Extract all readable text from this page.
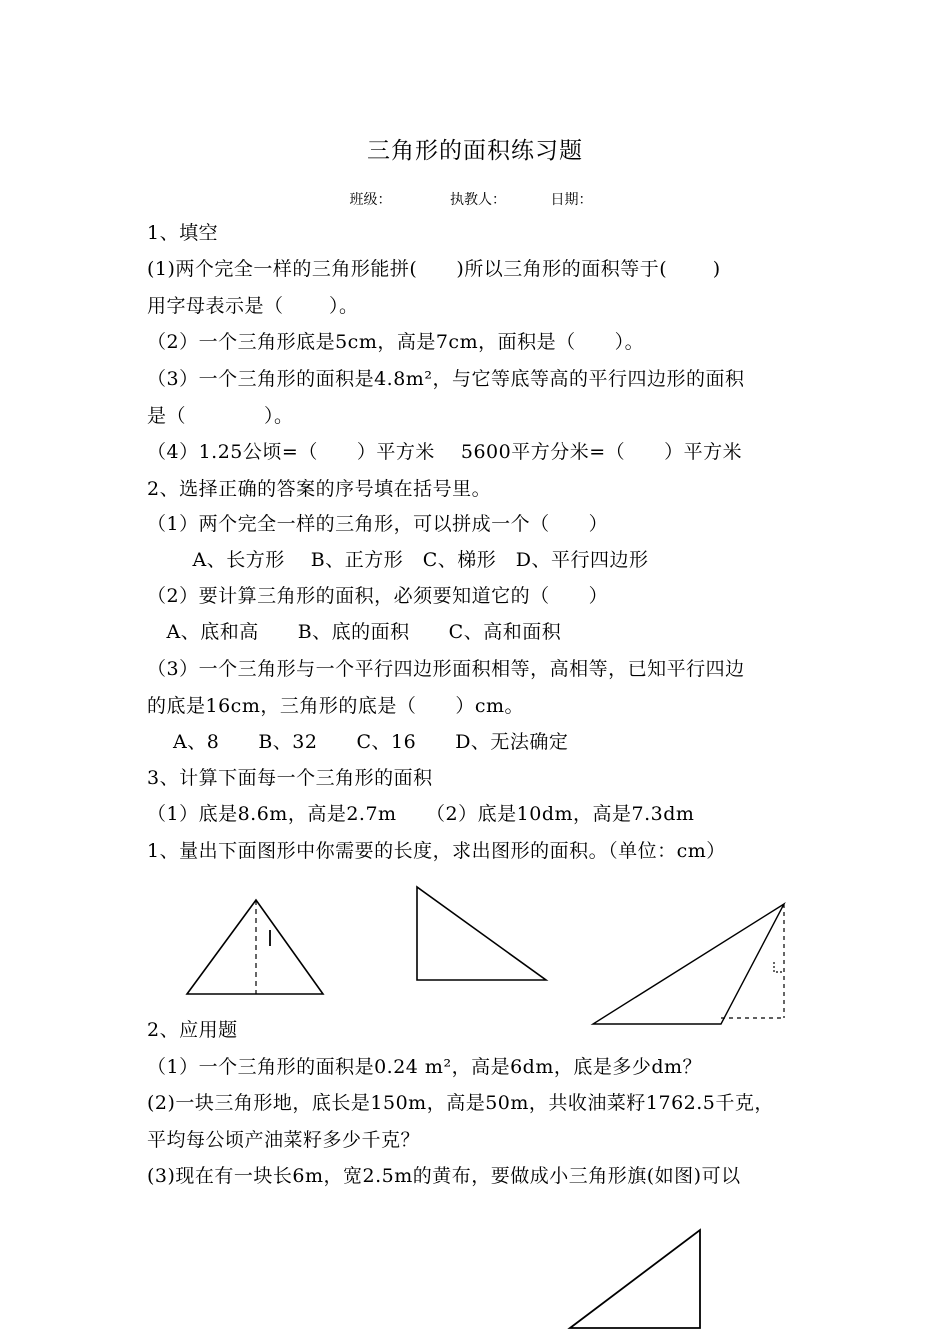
三角形的面积练习题
班级：	执教人：	日期：
1、填空
(1)两个完全一样的三角形能拼(　　)所以三角形的面积等于(　　 )
用字母表示是（　　 ）。
（2）一个三角形底是5cm，高是7cm，面积是（　　）。
（3）一个三角形的面积是4.8m²，与它等底等高的平行四边形的面积
是（　　　　）。
（4）1.25公顷=（　　）平方米　 5600平方分米=（　　）平方米
2、选择正确的答案的序号填在括号里。
（1）两个完全一样的三角形，可以拼成一个（　　）
　　 A、长方形　 B、正方形　C、梯形　D、平行四边形
（2）要计算三角形的面积，必须要知道它的（　　）
　A、底和高　　B、底的面积　　C、高和面积
（3）一个三角形与一个平行四边形面积相等，高相等，已知平行四边
的底是16cm，三角形的底是（　　）cm。
　 A、8　　B、32　　C、16　　D、无法确定
3、计算下面每一个三角形的面积
（1）底是8.6m，高是2.7m　　（2）底是10dm，高是7.3dm
1、量出下面图形中你需要的长度，求出图形的面积。（单位：cm）
2、应用题
（1）一个三角形的面积是0.24 m²，高是6dm，底是多少dm？
(2)一块三角形地，底长是150m，高是50m，共收油菜籽1762.5千克，
平均每公顷产油菜籽多少千克？
(3)现在有一块长6m，宽2.5m的黄布，要做成小三角形旗(如图)可以
